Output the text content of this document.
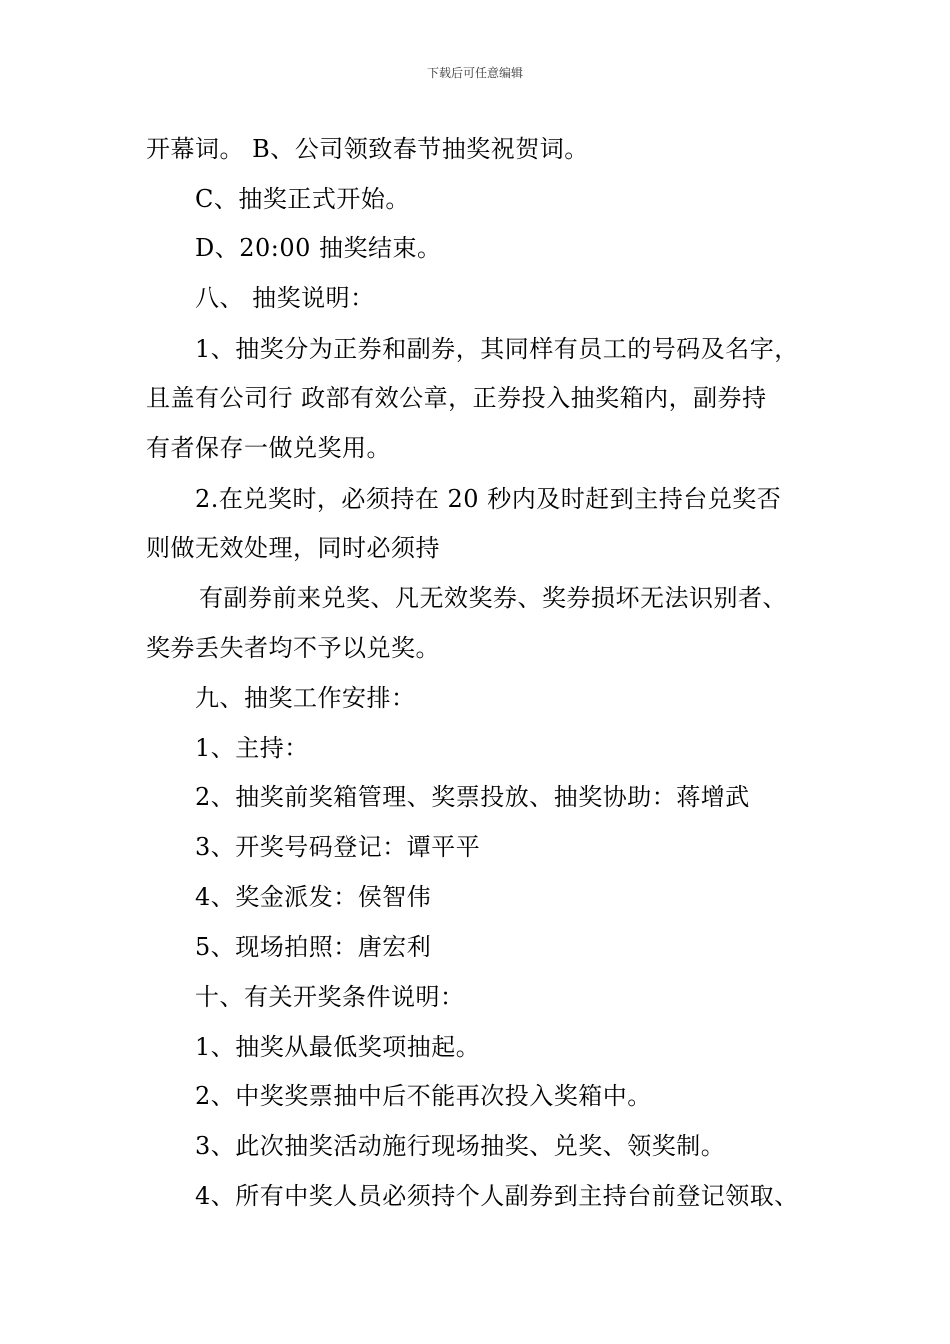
下载后可任意编辑
开幕词。 B、公司领致春节抽奖祝贺词。
C、抽奖正式开始。
D、20:00 抽奖结束。
八、 抽奖说明：
1、抽奖分为正券和副券，其同样有员工的号码及名字，
且盖有公司行 政部有效公章，正券投入抽奖箱内，副券持
有者保存一做兑奖用。
2.在兑奖时，必须持在 20 秒内及时赶到主持台兑奖否
则做无效处理，同时必须持
有副券前来兑奖、凡无效奖券、奖券损坏无法识别者、
奖券丢失者均不予以兑奖。
九、抽奖工作安排：
1、主持：
2、抽奖前奖箱管理、奖票投放、抽奖协助：蒋增武
3、开奖号码登记：谭平平
4、奖金派发：侯智伟
5、现场拍照：唐宏利
十、有关开奖条件说明：
1、抽奖从最低奖项抽起。
2、中奖奖票抽中后不能再次投入奖箱中。
3、此次抽奖活动施行现场抽奖、兑奖、领奖制。
4、所有中奖人员必须持个人副券到主持台前登记领取、
